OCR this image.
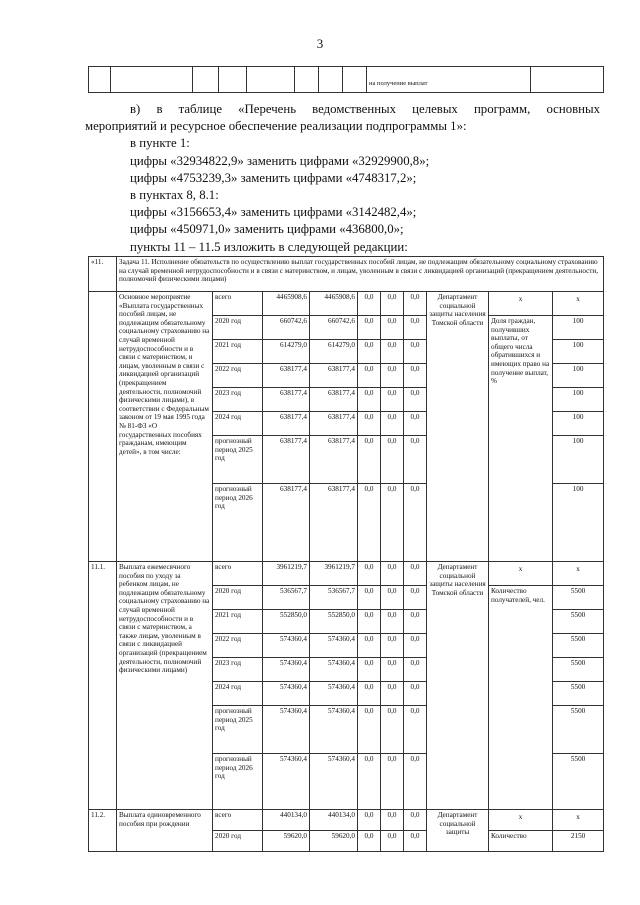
3
								на получение выплат	
в) в таблице «Перечень ведомственных целевых программ, основных
мероприятий и ресурсное обеспечение реализации подпрограммы 1»:
в пункте 1:
цифры «32934822,9» заменить цифрами «32929900,8»;
цифры «4753239,3» заменить цифрами «4748317,2»;
в пунктах 8, 8.1:
цифры «3156653,4» заменить цифрами «3142482,4»;
цифры «450971,0» заменить цифрами «436800,0»;
пункты 11 – 11.5 изложить в следующей редакции:
«11.	Задача 11. Исполнение обязательств по осуществлению выплат государственных пособий лицам, не подлежащим обязательному социальному страхованию на случай временной нетрудоспособности и в связи с материнством, и лицам, уволенным в связи с ликвидацией организаций (прекращением деятельности, полномочий физическими лицами)									
	Основное мероприятие «Выплата государственных пособий лицам, не подлежащим обязательному социальному страхованию на случай временной нетрудоспособности и в связи с материнством, и лицам, уволенным в связи с ликвидацией организаций (прекращением деятельности, полномочий физическими лицами), в соответствии с Федеральным законом от 19 мая 1995 года № 81-ФЗ «О государственных пособиях гражданам, имеющим детей», в том числе:	всего	4465908,6	4465908,6	0,0	0,0	0,0	Департамент социальной защиты населения Томской области	х	х
		2020 год	660742,6	660742,6	0,0	0,0	0,0		Доля граждан, получивших выплаты, от общего числа обратившихся и имеющих право на получение выплат, %	100
		2021 год	614279,0	614279,0	0,0	0,0	0,0			100
		2022 год	638177,4	638177,4	0,0	0,0	0,0			100
		2023 год	638177,4	638177,4	0,0	0,0	0,0			100
		2024 год	638177,4	638177,4	0,0	0,0	0,0			100
		прогнозный период 2025 год	638177,4	638177,4	0,0	0,0	0,0			100
		прогнозный период 2026 год	638177,4	638177,4	0,0	0,0	0,0			100
11.1.	Выплата ежемесячного пособия по уходу за ребенком лицам, не подлежащим обязательному социальному страхованию на случай временной нетрудоспособности и в связи с материнством, а также лицам, уволенным в связи с ликвидацией организаций (прекращением деятельности, полномочий физическими лицами)	всего	3961219,7	3961219,7	0,0	0,0	0,0	Департамент социальной защиты населения Томской области	х	х
		2020 год	536567,7	536567,7	0,0	0,0	0,0		Количество получателей, чел.	5500
		2021 год	552850,0	552850,0	0,0	0,0	0,0			5500
		2022 год	574360,4	574360,4	0,0	0,0	0,0			5500
		2023 год	574360,4	574360,4	0,0	0,0	0,0			5500
		2024 год	574360,4	574360,4	0,0	0,0	0,0			5500
		прогнозный период 2025 год	574360,4	574360,4	0,0	0,0	0,0			5500
		прогнозный период 2026 год	574360,4	574360,4	0,0	0,0	0,0			5500
11.2.	Выплата единовременного пособия при рождении	всего	440134,0	440134,0	0,0	0,0	0,0	Департамент социальной защиты	х	х
		2020 год	59620,0	59620,0	0,0	0,0	0,0		Количество	2150
